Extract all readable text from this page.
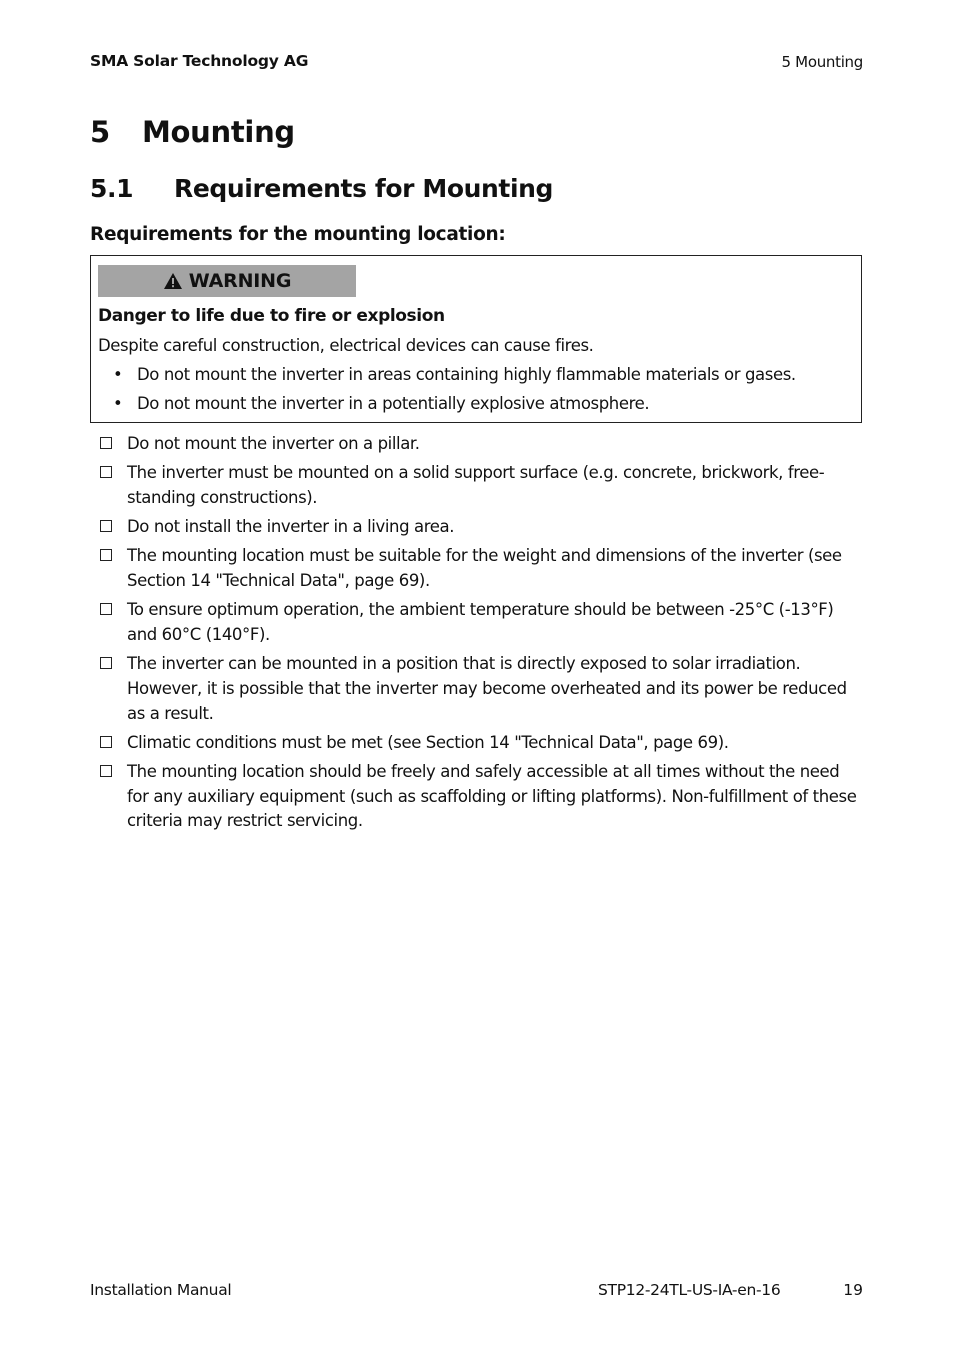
SMA Solar Technology AG	5 Mounting
5	Mounting
5.1	Requirements for Mounting
Requirements for the mounting location:
WARNING
Danger to life due to fire or explosion
Despite careful construction, electrical devices can cause fires.
• Do not mount the inverter in areas containing highly flammable materials or gases.
• Do not mount the inverter in a potentially explosive atmosphere.
Do not mount the inverter on a pillar.
The inverter must be mounted on a solid support surface (e.g. concrete, brickwork, free-standing constructions).
Do not install the inverter in a living area.
The mounting location must be suitable for the weight and dimensions of the inverter (see Section 14 "Technical Data", page 69).
To ensure optimum operation, the ambient temperature should be between -25°C (-13°F) and 60°C (140°F).
The inverter can be mounted in a position that is directly exposed to solar irradiation. However, it is possible that the inverter may become overheated and its power be reduced as a result.
Climatic conditions must be met (see Section 14 "Technical Data", page 69).
The mounting location should be freely and safely accessible at all times without the need for any auxiliary equipment (such as scaffolding or lifting platforms). Non-fulfillment of these criteria may restrict servicing.
Installation Manual	STP12-24TL-US-IA-en-16	19
